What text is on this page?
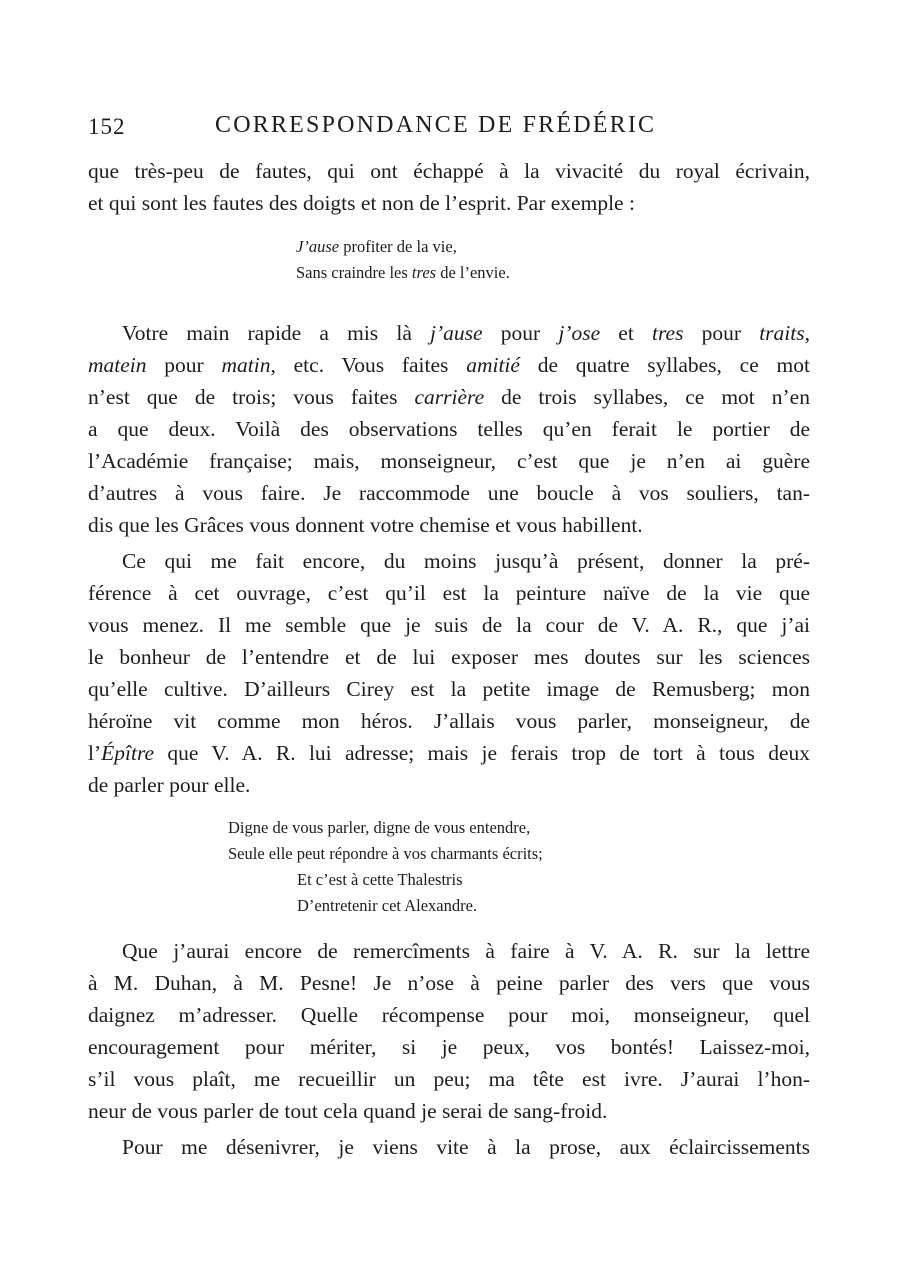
152	CORRESPONDANCE DE FRÉDÉRIC
que très-peu de fautes, qui ont échappé à la vivacité du royal écrivain,
et qui sont les fautes des doigts et non de l’esprit. Par exemple :
J’ause profiter de la vie,
Sans craindre les tres de l’envie.
Votre main rapide a mis là j’ause pour j’ose et tres pour traits,
matein pour matin, etc. Vous faites amitié de quatre syllabes, ce mot
n’est que de trois; vous faites carrière de trois syllabes, ce mot n’en
a que deux. Voilà des observations telles qu’en ferait le portier de
l’Académie française; mais, monseigneur, c’est que je n’en ai guère
d’autres à vous faire. Je raccommode une boucle à vos souliers, tan-
dis que les Grâces vous donnent votre chemise et vous habillent.
Ce qui me fait encore, du moins jusqu’à présent, donner la pré-
férence à cet ouvrage, c’est qu’il est la peinture naïve de la vie que
vous menez. Il me semble que je suis de la cour de V. A. R., que j’ai
le bonheur de l’entendre et de lui exposer mes doutes sur les sciences
qu’elle cultive. D’ailleurs Cirey est la petite image de Remusberg; mon
héroïne vit comme mon héros. J’allais vous parler, monseigneur, de
l’Épître que V. A. R. lui adresse; mais je ferais trop de tort à tous deux
de parler pour elle.
Digne de vous parler, digne de vous entendre,
Seule elle peut répondre à vos charmants écrits;
Et c’est à cette Thalestris
D’entretenir cet Alexandre.
Que j’aurai encore de remercîments à faire à V. A. R. sur la lettre
à M. Duhan, à M. Pesne! Je n’ose à peine parler des vers que vous
daignez m’adresser. Quelle récompense pour moi, monseigneur, quel
encouragement pour mériter, si je peux, vos bontés! Laissez-moi,
s’il vous plaît, me recueillir un peu; ma tête est ivre. J’aurai l’hon-
neur de vous parler de tout cela quand je serai de sang-froid.
Pour me désenivrer, je viens vite à la prose, aux éclaircissements
